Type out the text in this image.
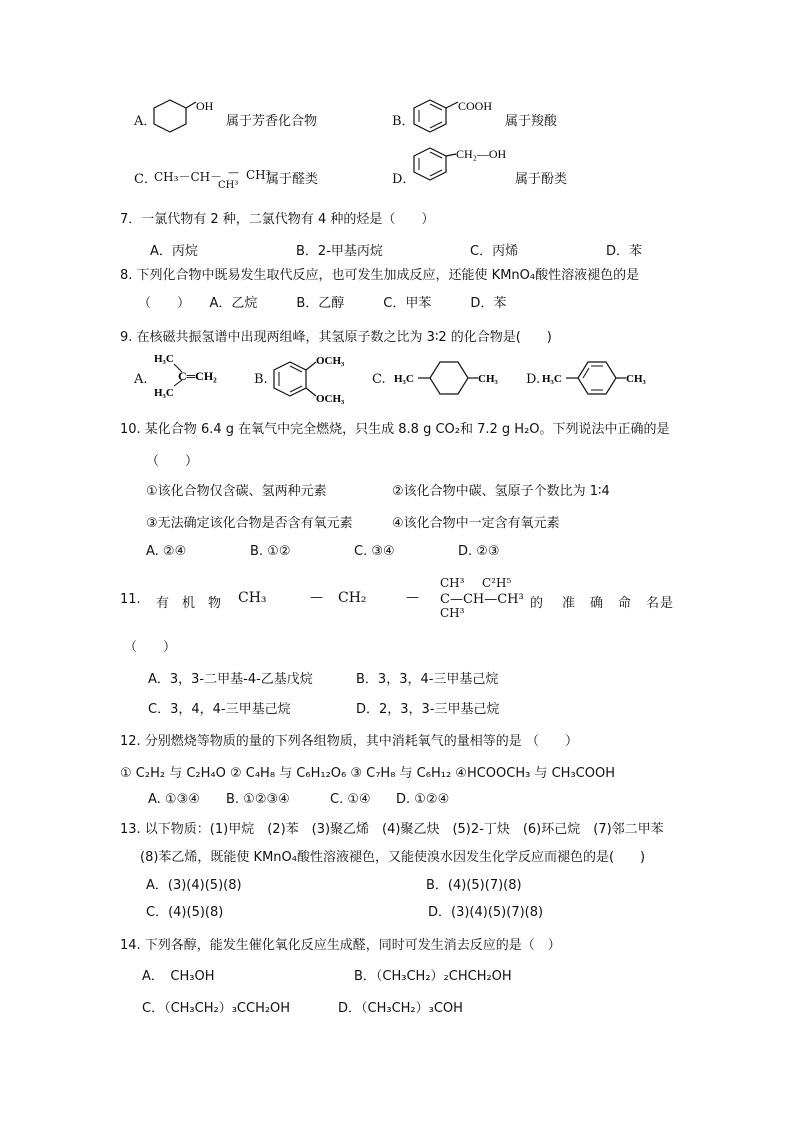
A．
OH
属于芳香化合物	B．
COOH
属于羧酸
C．
CH₃－CH－ — CH³
CH³ 属于醛类	D．
CH₂—OH
属于酚类
7．一氯代物有 2 种，二氯代物有 4 种的烃是（　　）
A．丙烷	B．2-甲基丙烷	C．丙烯	D．苯
8. 下列化合物中既易发生取代反应，也可发生加成反应，还能使 KMnO₄酸性溶液褪色的是
（　　）　　A．乙烷　　　B．乙醇　　　C．甲苯　　　D．苯
9. 在核磁共振氢谱中出现两组峰，其氢原子数之比为 3∶2 的化合物是(　　)
A.
H₃C
H₃C
C═CH₂	B.
OCH₃
OCH₃
C. H₃C	CH₃ D. H₃C	CH₃
10. 某化合物 6.4 g 在氧气中完全燃烧，只生成 8.8 g CO₂和 7.2 g H₂O。下列说法中正确的是
（　　）
①该化合物仅含碳、氢两种元素	②该化合物中碳、氢原子个数比为 1∶4
③无法确定该化合物是否含有氧元素	④该化合物中一定含有氧元素
A. ②④	B. ①②	C. ③④	D. ②③
11. 有 机 物 CH₃	— CH₂	—
CH³ C²H⁵
C—CH—CH³
CH³
的 准 确 命 名 是
（　　）
A．3，3-二甲基-4-乙基戊烷	B．3，3，4-三甲基己烷
C．3，4，4-三甲基己烷	D．2，3，3-三甲基己烷
12. 分别燃烧等物质的量的下列各组物质，其中消耗氧气的量相等的是 （　　）
① C₂H₂ 与 C₂H₄O ② C₄H₈ 与 C₆H₁₂O₆ ③ C₇H₈ 与 C₆H₁₂ ④HCOOCH₃ 与 CH₃COOH
A. ①③④ B. ①②③④	C. ①④ D. ①②④
13. 以下物质：(1)甲烷　(2)苯　(3)聚乙烯　(4)聚乙炔　(5)2-丁炔　(6)环己烷　(7)邻二甲苯
(8)苯乙烯，既能使 KMnO₄酸性溶液褪色，又能使溴水因发生化学反应而褪色的是(　　)
A．(3)(4)(5)(8)	B．(4)(5)(7)(8)
C．(4)(5)(8)	D．(3)(4)(5)(7)(8)
14. 下列各醇，能发生催化氧化反应生成醛，同时可发生消去反应的是（　）
A．　CH₃OH	B．（CH₃CH₂）₂CHCH₂OH
C．（CH₃CH₂）₃CCH₂OH	D．（CH₃CH₂）₃COH
